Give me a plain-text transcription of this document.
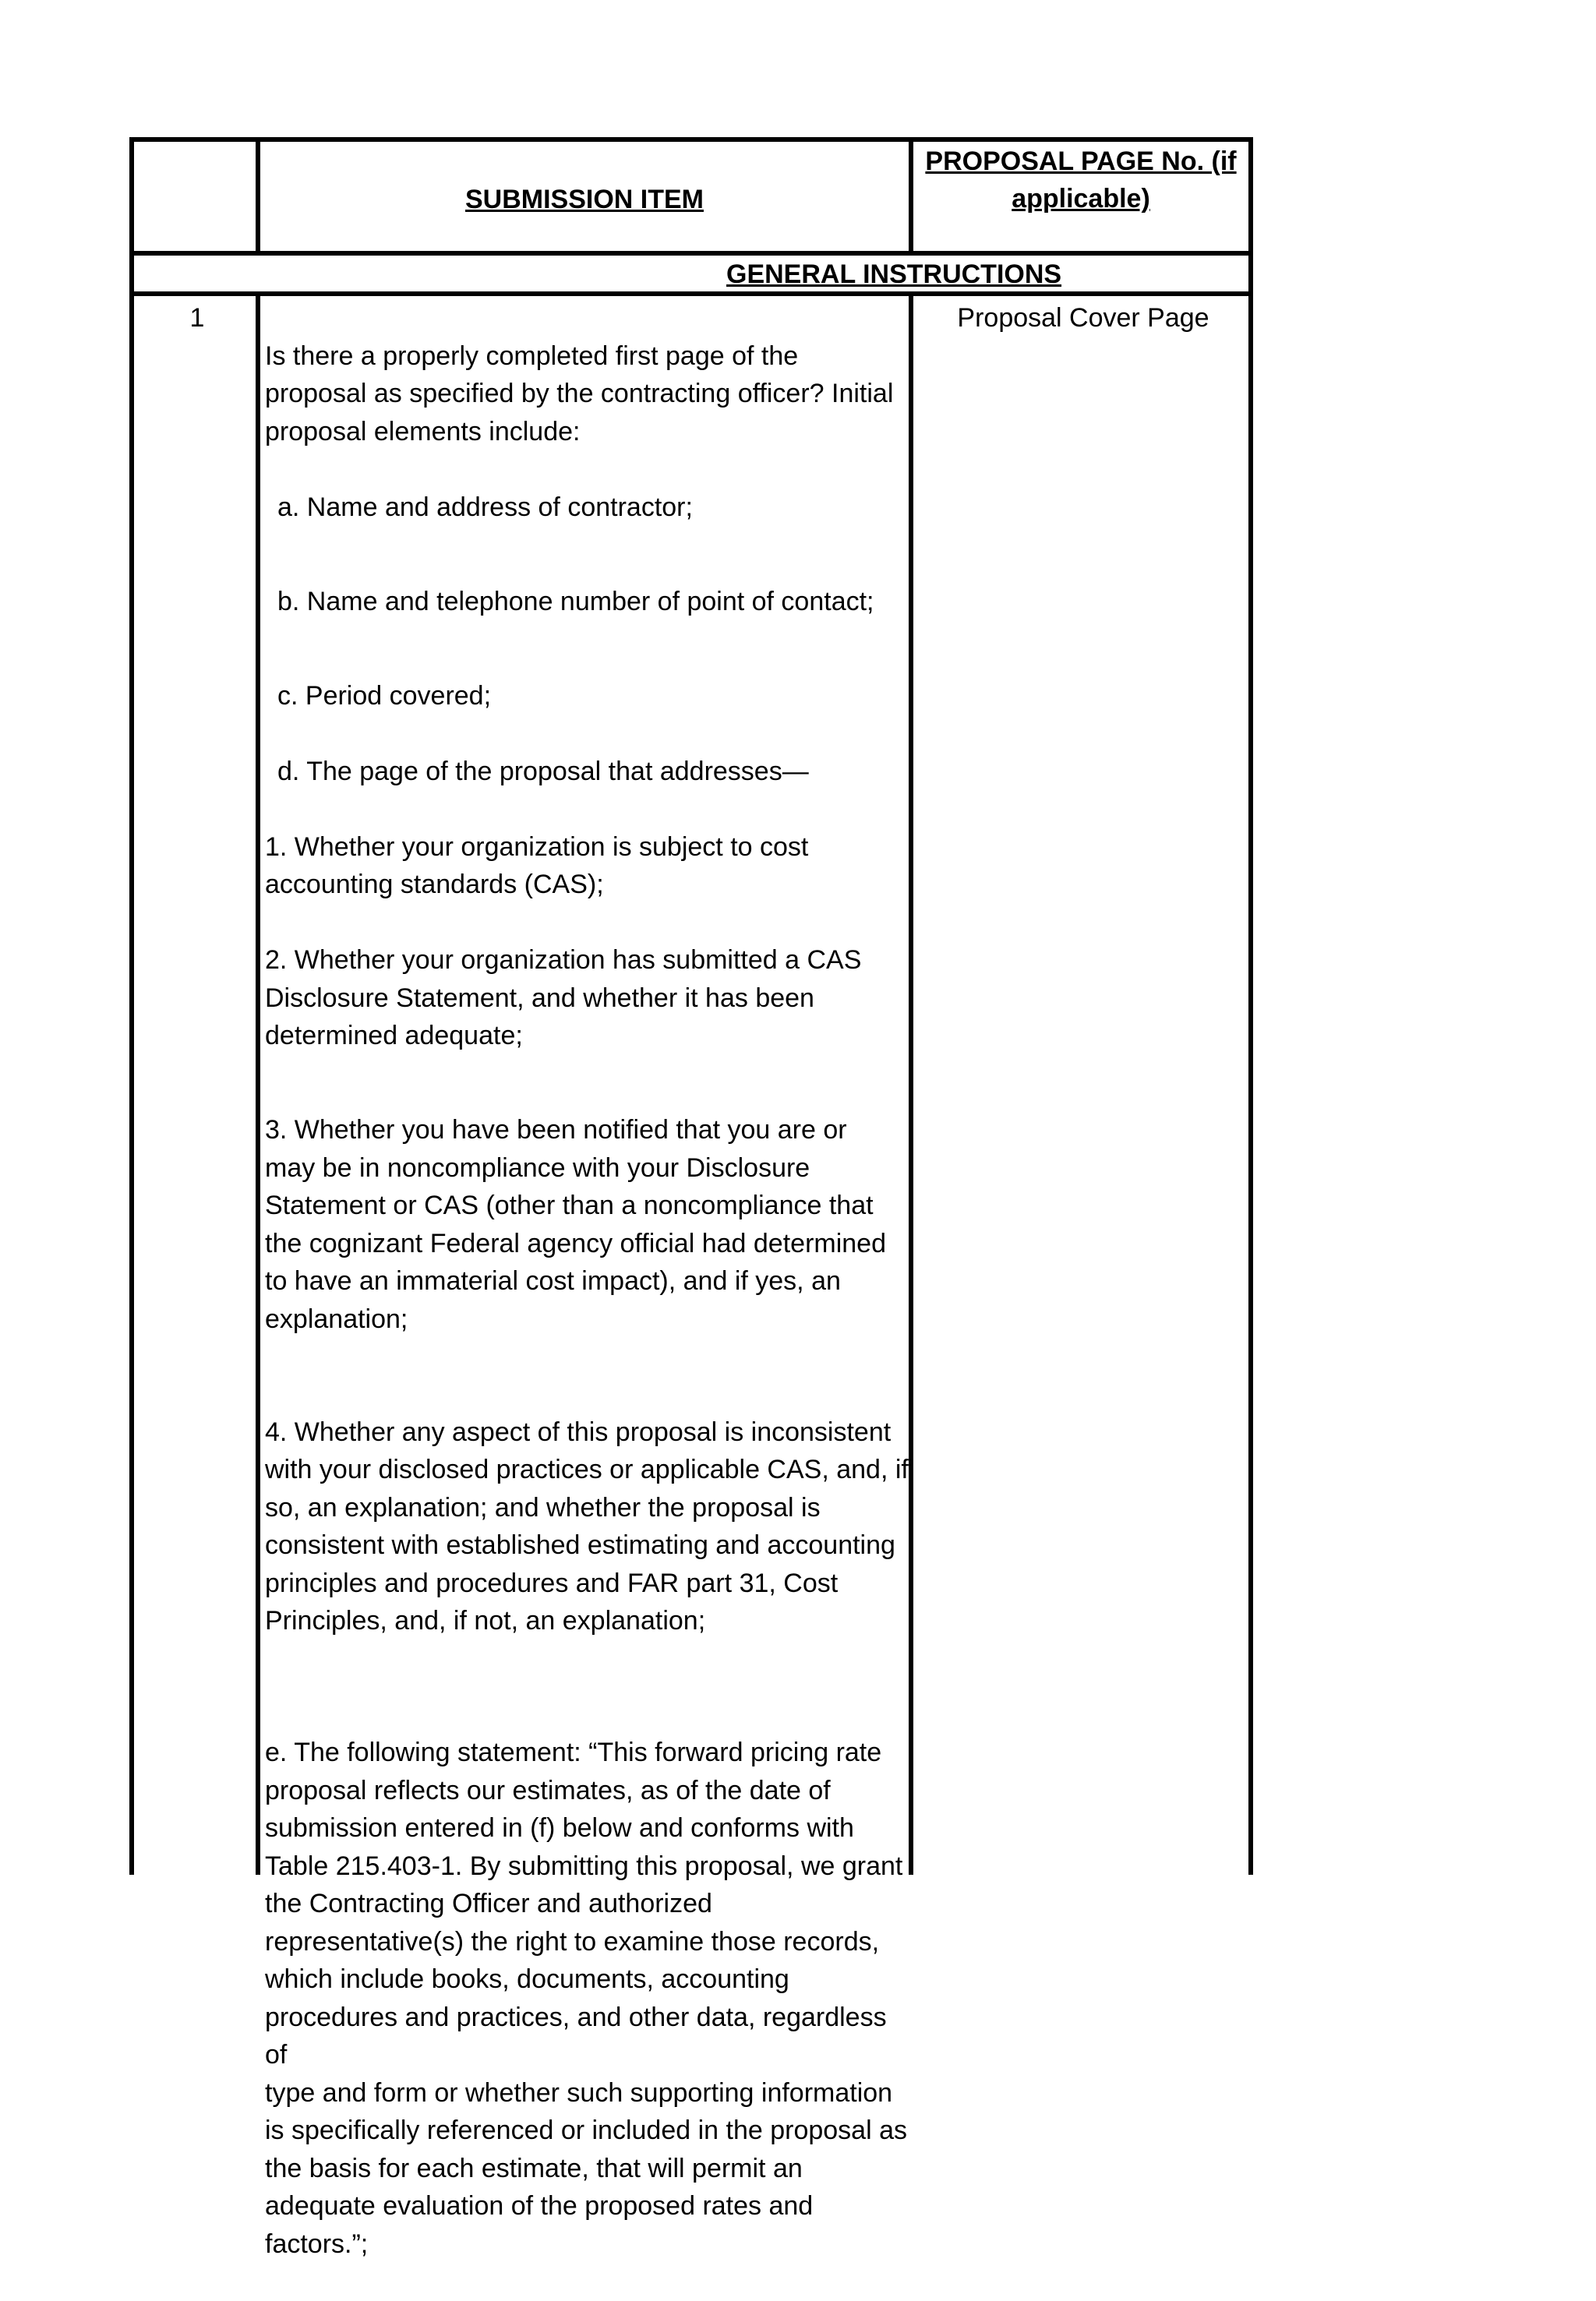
SUBMISSION ITEM
PROPOSAL PAGE No. (if
applicable)
GENERAL INSTRUCTIONS
1	Proposal Cover Page

Is there a properly completed first page of the
proposal as specified by the contracting officer? Initial
proposal elements include:

a. Name and address of contractor;

b. Name and telephone number of point of contact;

c. Period covered;

d. The page of the proposal that addresses—

1. Whether your organization is subject to cost
accounting standards (CAS);

2. Whether your organization has submitted a CAS
Disclosure Statement, and whether it has been
determined adequate;

3. Whether you have been notified that you are or
may be in noncompliance with your Disclosure
Statement or CAS (other than a noncompliance that
the cognizant Federal agency official had determined
to have an immaterial cost impact), and if yes, an
explanation;

4. Whether any aspect of this proposal is inconsistent
with your disclosed practices or applicable CAS, and, if
so, an explanation; and whether the proposal is
consistent with established estimating and accounting
principles and procedures and FAR part 31, Cost
Principles, and, if not, an explanation;

e. The following statement: “This forward pricing rate
proposal reflects our estimates, as of the date of
submission entered in (f) below and conforms with
Table 215.403-1. By submitting this proposal, we grant
the Contracting Officer and authorized
representative(s) the right to examine those records,
which include books, documents, accounting
procedures and practices, and other data, regardless of
type and form or whether such supporting information
is specifically referenced or included in the proposal as
the basis for each estimate, that will permit an
adequate evaluation of the proposed rates and
factors.”;
